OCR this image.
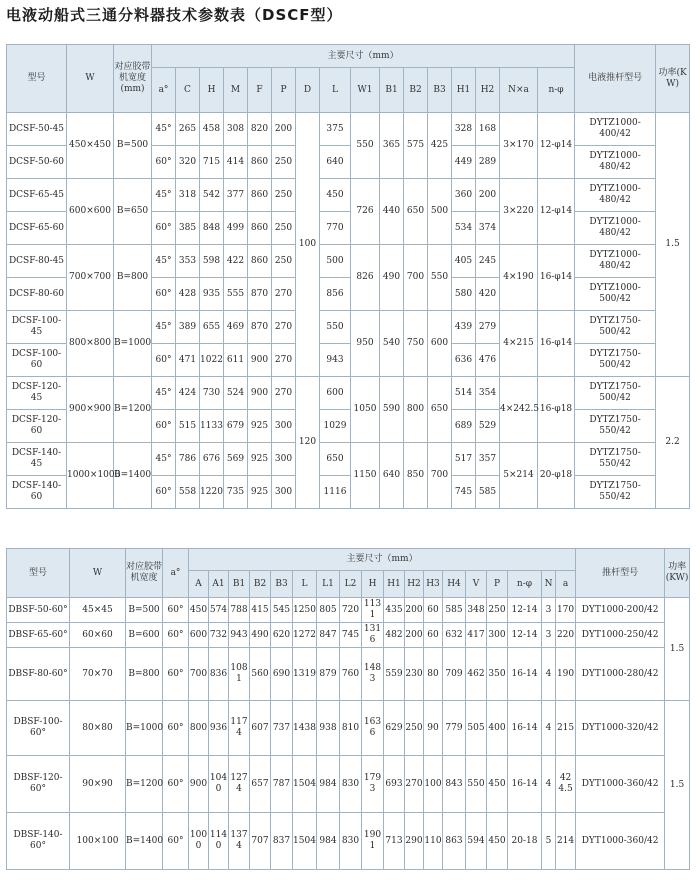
电液动船式三通分料器技术参数表（DSCF型）
型号	W	对应胶带机宽度(mm)	主要尺寸（mm）																电液推杆型号	功率(KW)
			a°	C	H	M	F	P	D	L	W1	B1	B2	B3	H1	H2	N×a	n-φ		
DCSF-50-45	450×450	B=500	45°	265	458	308	820	200	100	375	550	365	575	425	328	168	3×170	12-φ14	DYTZ1000-400/42	1.5
DCSF-50-60			60°	320	715	414	860	250		640					449	289			DYTZ1000-480/42	
DCSF-65-45	600×600	B=650	45°	318	542	377	860	250		450	726	440	650	500	360	200	3×220	12-φ14	DYTZ1000-480/42	
DCSF-65-60			60°	385	848	499	860	250		770					534	374			DYTZ1000-480/42	
DCSF-80-45	700×700	B=800	45°	353	598	422	860	250		500	826	490	700	550	405	245	4×190	16-φ14	DYTZ1000-480/42	
DCSF-80-60			60°	428	935	555	870	270		856					580	420			DYTZ1000-500/42	
DCSF-100-45	800×800	B=1000	45°	389	655	469	870	270		550	950	540	750	600	439	279	4×215	16-φ14	DYTZ1750-500/42	
DCSF-100-60			60°	471	1022	611	900	270		943					636	476			DYTZ1750-500/42	
DCSF-120-45	900×900	B=1200	45°	424	730	524	900	270	120	600	1050	590	800	650	514	354	4×242.5	16-φ18	DYTZ1750-500/42	2.2
DCSF-120-60			60°	515	1133	679	925	300		1029					689	529			DYTZ1750-550/42	
DCSF-140-45	1000×1000	B=1400	45°	786	676	569	925	300		650	1150	640	850	700	517	357	5×214	20-φ18	DYTZ1750-550/42	
DCSF-140-60			60°	558	1220	735	925	300		1116					745	585			DYTZ1750-550/42	
型号	W	对应胶带机宽度	a°	主要尺寸（mm）																		推杆型号	功率(KW)
				A	A1	B1	B2	B3	L	L1	L2	H	H1	H2	H3	H4	V	P	n-φ	N	a		
DBSF-50-60°	45×45	B=500	60°	450	574	788	415	545	1250	805	720	1131	435	200	60	585	348	250	12-14	3	170	DYT1000-200/42	1.5
DBSF-65-60°	60×60	B=600	60°	600	732	943	490	620	1272	847	745	1316	482	200	60	632	417	300	12-14	3	220	DYT1000-250/42	
DBSF-80-60°	70×70	B=800	60°	700	836	1081	560	690	1319	879	760	1483	559	230	80	709	462	350	16-14	4	190	DYT1000-280/42	
DBSF-100-60°	80×80	B=1000	60°	800	936	1174	607	737	1438	938	810	1636	629	250	90	779	505	400	16-14	4	215	DYT1000-320/42	1.5
DBSF-120-60°	90×90	B=1200	60°	900	1040	1274	657	787	1504	984	830	1793	693	270	100	843	550	450	16-14	4	424.5	DYT1000-360/42	
DBSF-140-60°	100×100	B=1400	60°	1000	1140	1374	707	837	1504	984	830	1901	713	290	110	863	594	450	20-18	5	214	DYT1000-360/42	
